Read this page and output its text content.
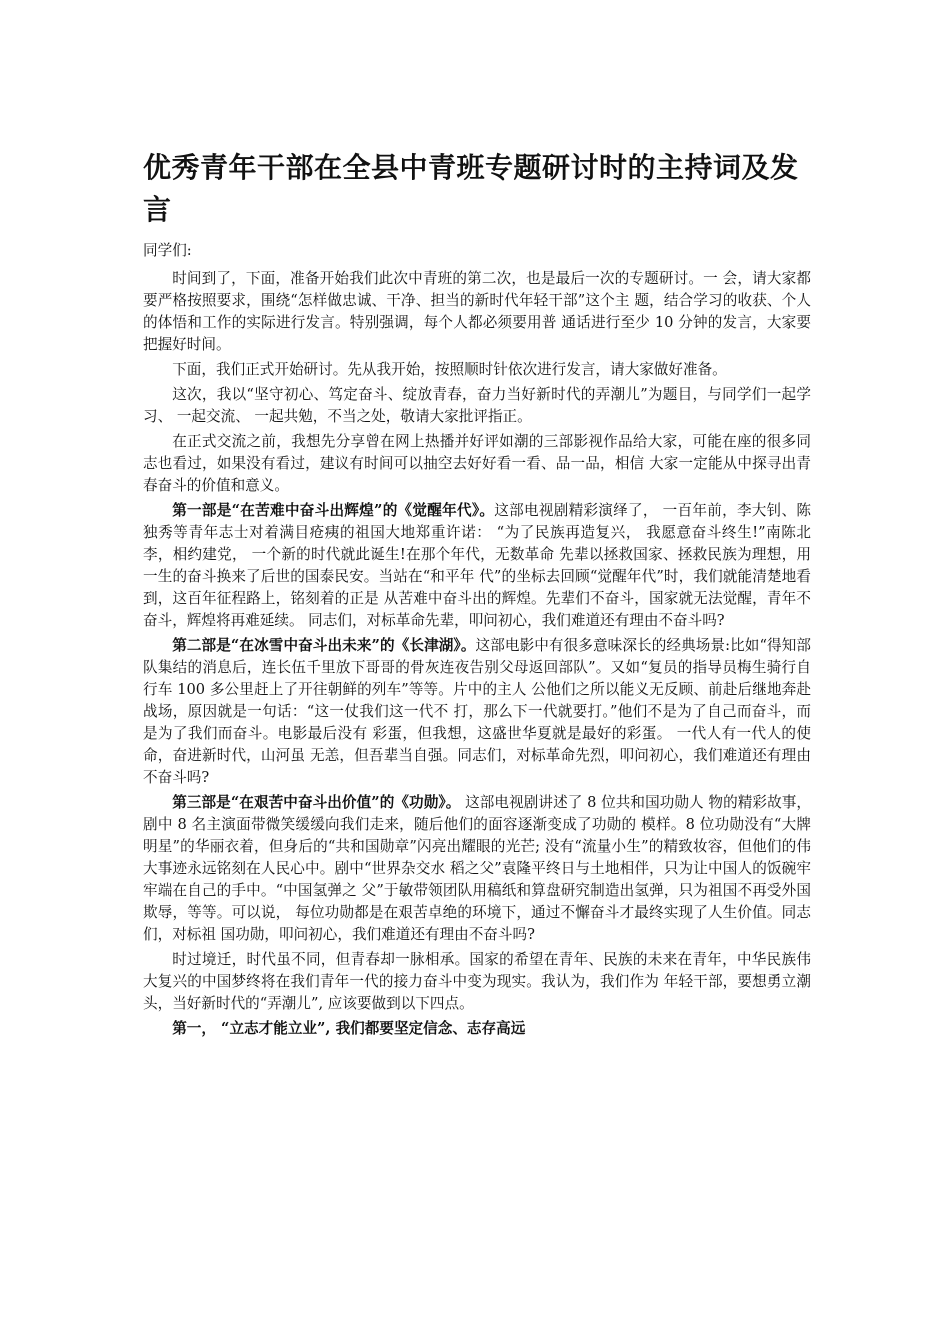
优秀青年干部在全县中青班专题研讨时的主持词及发言

同学们:

时间到了，下面，准备开始我们此次中青班的第二次，也是最后一次的专题研讨。一 会，请大家都要严格按照要求，围绕“怎样做忠诚、干净、担当的新时代年轻干部”这个主 题，结合学习的收获、个人的体悟和工作的实际进行发言。特别强调，每个人都必须要用普 通话进行至少 10 分钟的发言，大家要把握好时间。

下面，我们正式开始研讨。先从我开始，按照顺时针依次进行发言，请大家做好准备。

这次，我以“坚守初心、笃定奋斗、绽放青春，奋力当好新时代的弄潮儿”为题目，与同学们一起学习、 一起交流、 一起共勉，不当之处，敬请大家批评指正。

在正式交流之前，我想先分享曾在网上热播并好评如潮的三部影视作品给大家，可能在座的很多同志也看过，如果没有看过，建议有时间可以抽空去好好看一看、品一品，相信 大家一定能从中探寻出青春奋斗的价值和意义。

第一部是“在苦难中奋斗出辉煌”的《觉醒年代》。这部电视剧精彩演绎了， 一百年前，李大钊、陈独秀等青年志士对着满目疮痍的祖国大地郑重许诺： “为了民族再造复兴， 我愿意奋斗终生!”南陈北李，相约建党， 一个新的时代就此诞生!在那个年代，无数革命 先辈以拯救国家、拯救民族为理想，用一生的奋斗换来了后世的国泰民安。当站在“和平年 代”的坐标去回顾“觉醒年代”时，我们就能清楚地看到，这百年征程路上，铭刻着的正是 从苦难中奋斗出的辉煌。先辈们不奋斗，国家就无法觉醒，青年不奋斗，辉煌将再难延续。 同志们，对标革命先辈，叩问初心，我们难道还有理由不奋斗吗?

第二部是“在冰雪中奋斗出未来”的《长津湖》。这部电影中有很多意味深长的经典场景:比如“得知部队集结的消息后，连长伍千里放下哥哥的骨灰连夜告别父母返回部队”。又如“复员的指导员梅生骑行自行车 100 多公里赶上了开往朝鲜的列车”等等。片中的主人 公他们之所以能义无反顾、前赴后继地奔赴战场，原因就是一句话：“这一仗我们这一代不 打，那么下一代就要打。”他们不是为了自己而奋斗，而是为了我们而奋斗。电影最后没有 彩蛋，但我想，这盛世华夏就是最好的彩蛋。 一代人有一代人的使命，奋进新时代，山河虽 无恙，但吾辈当自强。同志们，对标革命先烈，叩问初心，我们难道还有理由不奋斗吗?

第三部是“在艰苦中奋斗出价值”的《功勋》。 这部电视剧讲述了 8 位共和国功勋人 物的精彩故事，剧中 8 名主演面带微笑缓缓向我们走来，随后他们的面容逐渐变成了功勋的 模样。8 位功勋没有“大牌明星”的华丽衣着，但身后的“共和国勋章”闪亮出耀眼的光芒; 没有“流量小生”的精致妆容，但他们的伟大事迹永远铭刻在人民心中。剧中“世界杂交水 稻之父”袁隆平终日与土地相伴，只为让中国人的饭碗牢牢端在自己的手中。“中国氢弹之 父”于敏带领团队用稿纸和算盘研究制造出氢弹，只为祖国不再受外国欺辱，等等。可以说， 每位功勋都是在艰苦卓绝的环境下，通过不懈奋斗才最终实现了人生价值。同志们，对标祖 国功勋，叩问初心，我们难道还有理由不奋斗吗?

时过境迁，时代虽不同，但青春却一脉相承。国家的希望在青年、民族的未来在青年，中华民族伟大复兴的中国梦终将在我们青年一代的接力奋斗中变为现实。我认为，我们作为 年轻干部，要想勇立潮头，当好新时代的“弄潮儿”, 应该要做到以下四点。

第一， “立志才能立业”, 我们都要坚定信念、志存高远
